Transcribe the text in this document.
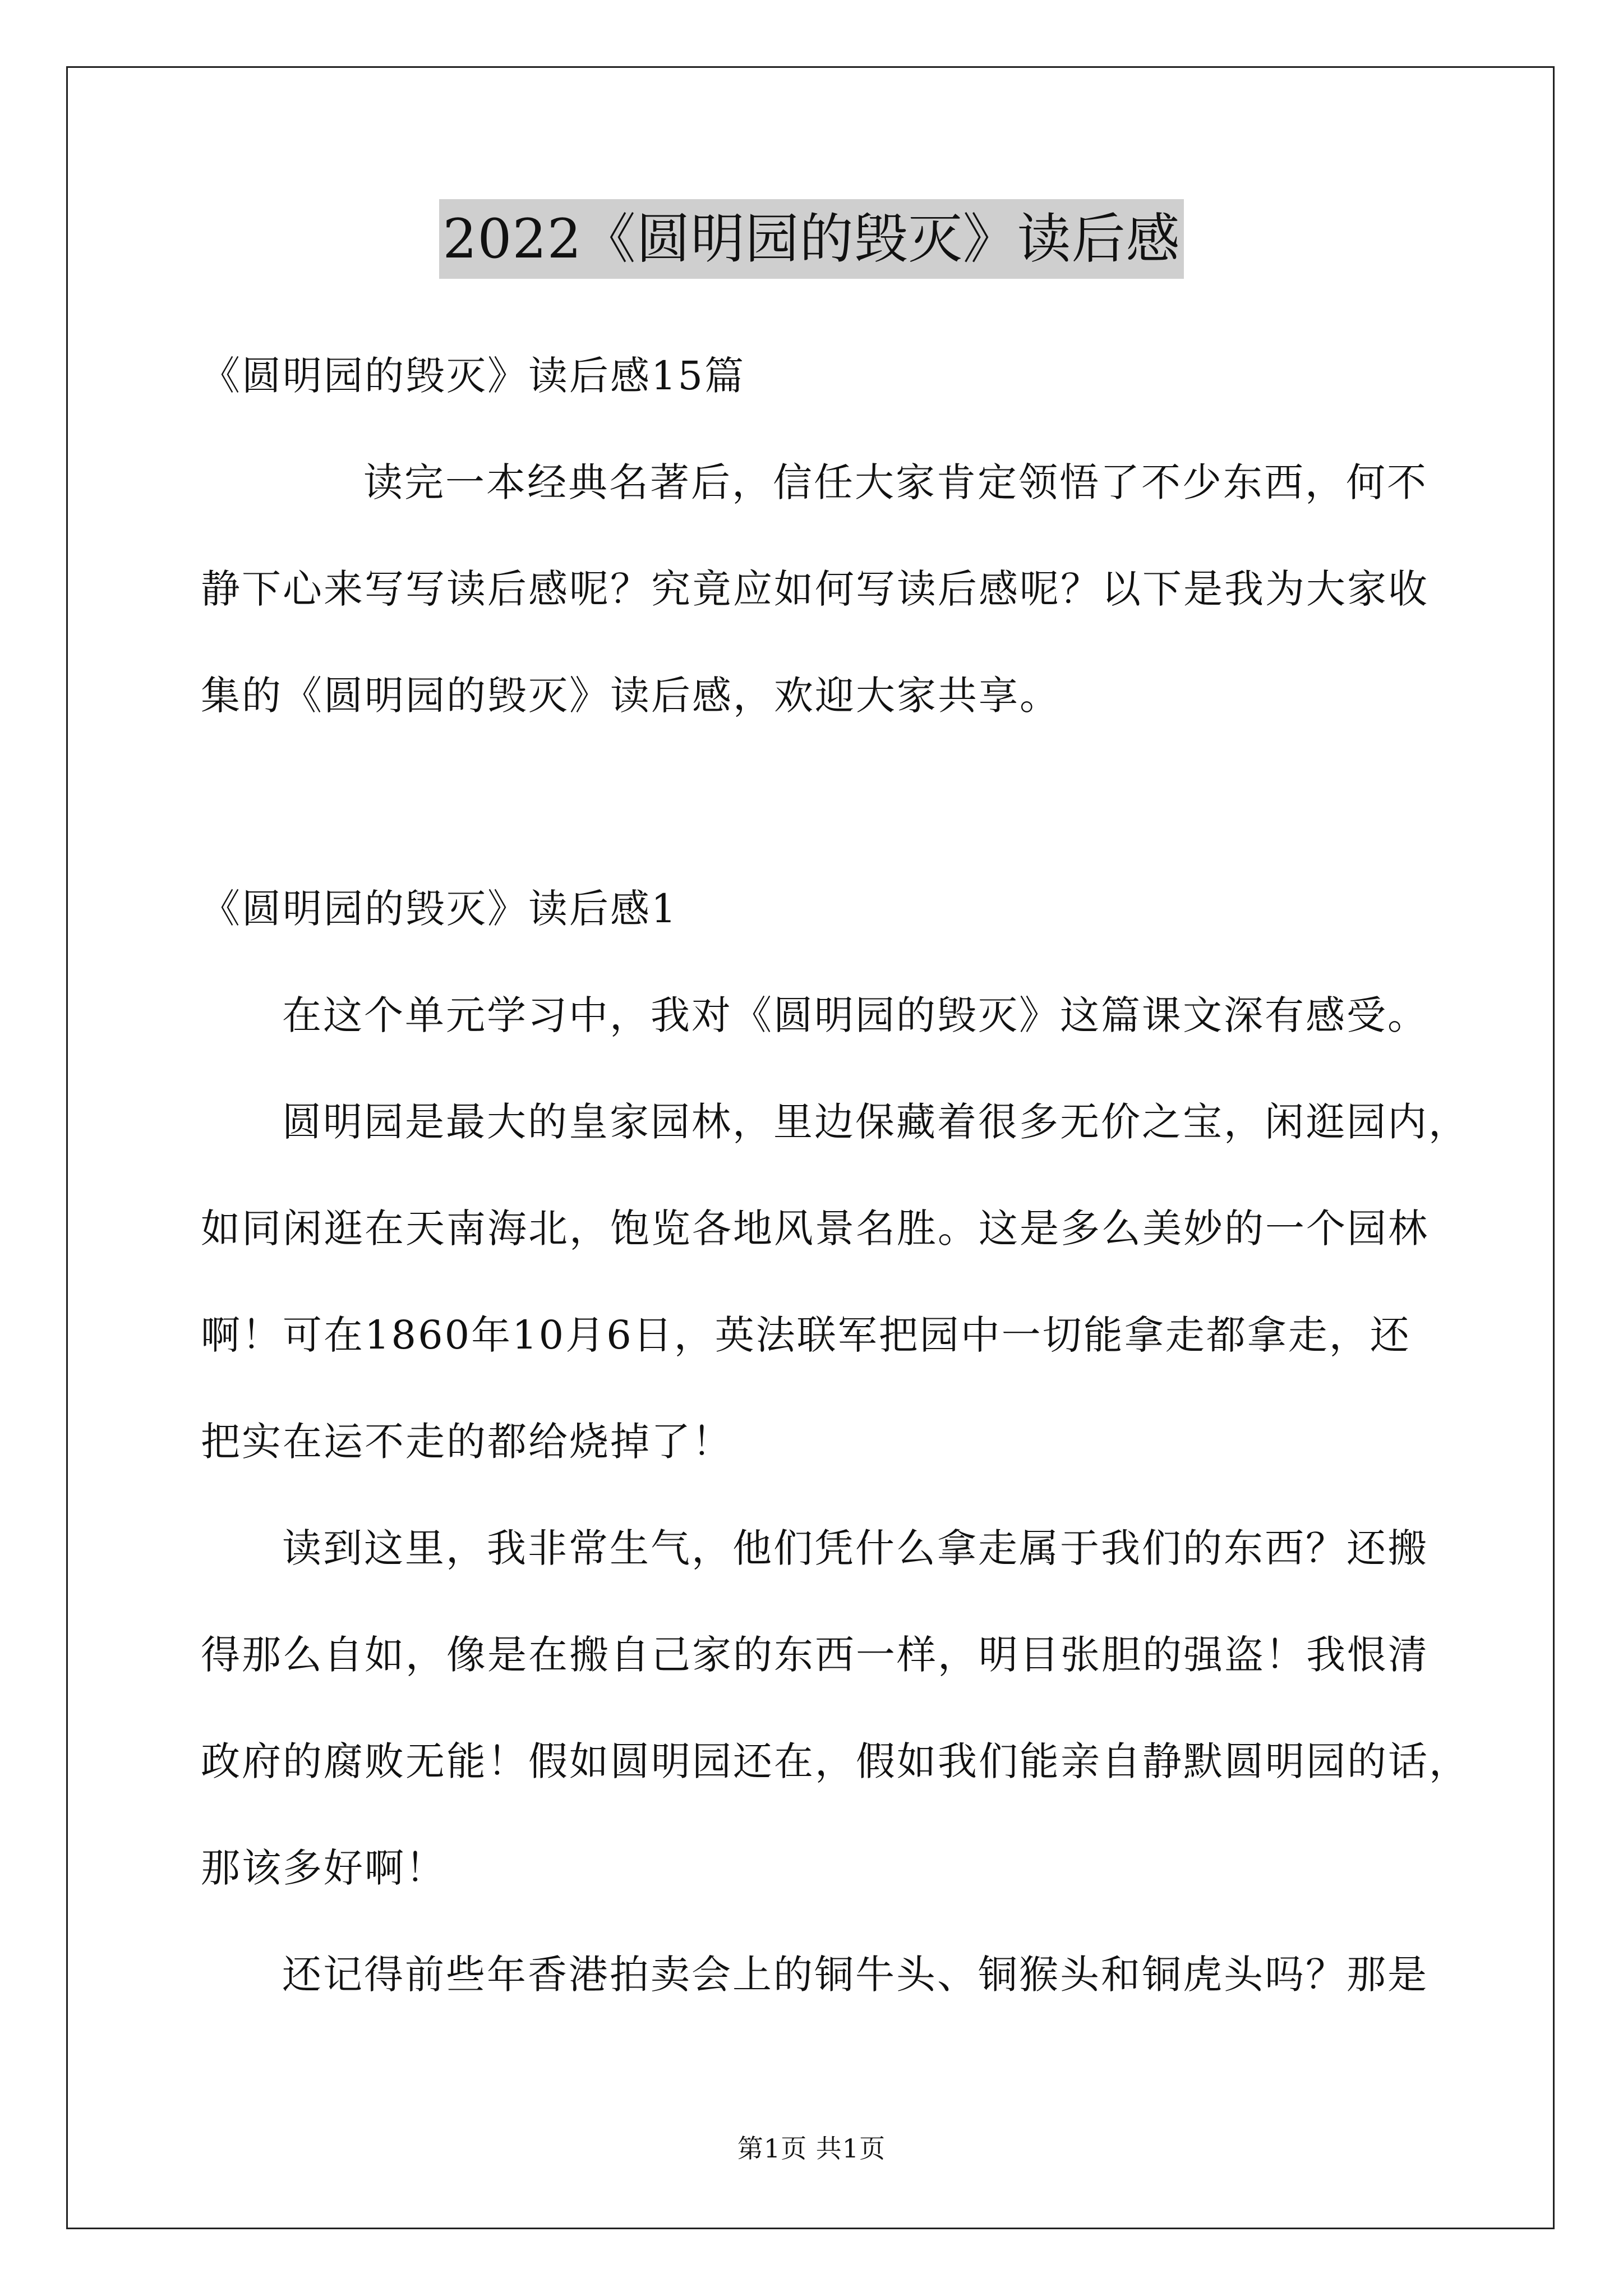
2022《圆明园的毁灭》读后感
《圆明园的毁灭》读后感15篇
读完一本经典名著后，信任大家肯定领悟了不少东西，何不
静下心来写写读后感呢？究竟应如何写读后感呢？以下是我为大家收
集的《圆明园的毁灭》读后感，欢迎大家共享。
《圆明园的毁灭》读后感1
在这个单元学习中，我对《圆明园的毁灭》这篇课文深有感受。
圆明园是最大的皇家园林，里边保藏着很多无价之宝，闲逛园内，
如同闲逛在天南海北，饱览各地风景名胜。这是多么美妙的一个园林
啊！可在1860年10月6日，英法联军把园中一切能拿走都拿走，还
把实在运不走的都给烧掉了！
读到这里，我非常生气，他们凭什么拿走属于我们的东西？还搬
得那么自如，像是在搬自己家的东西一样，明目张胆的强盗！我恨清
政府的腐败无能！假如圆明园还在，假如我们能亲自静默圆明园的话，
那该多好啊！
还记得前些年香港拍卖会上的铜牛头、铜猴头和铜虎头吗？那是
第1页 共1页
